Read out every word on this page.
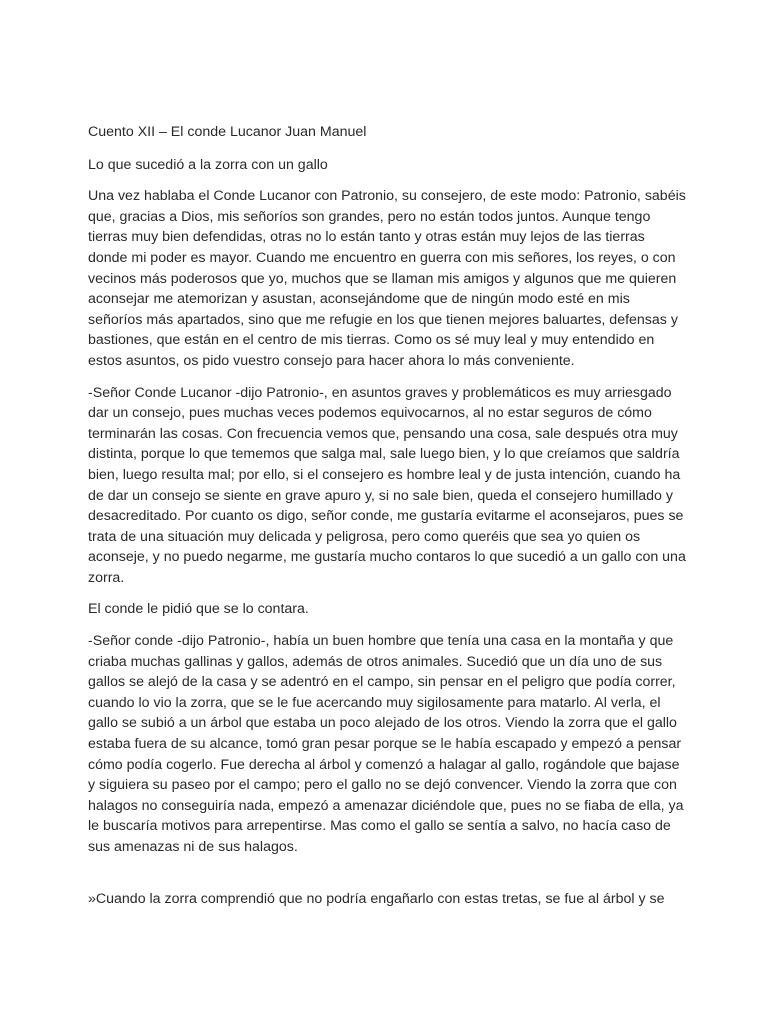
Cuento XII – El conde Lucanor Juan Manuel

Lo que sucedió a la zorra con un gallo

Una vez hablaba el Conde Lucanor con Patronio, su consejero, de este modo: Patronio, sabéis que, gracias a Dios, mis señoríos son grandes, pero no están todos juntos. Aunque tengo tierras muy bien defendidas, otras no lo están tanto y otras están muy lejos de las tierras donde mi poder es mayor. Cuando me encuentro en guerra con mis señores, los reyes, o con vecinos más poderosos que yo, muchos que se llaman mis amigos y algunos que me quieren aconsejar me atemorizan y asustan, aconsejándome que de ningún modo esté en mis señoríos más apartados, sino que me refugie en los que tienen mejores baluartes, defensas y bastiones, que están en el centro de mis tierras. Como os sé muy leal y muy entendido en estos asuntos, os pido vuestro consejo para hacer ahora lo más conveniente.

-Señor Conde Lucanor -dijo Patronio-, en asuntos graves y problemáticos es muy arriesgado dar un consejo, pues muchas veces podemos equivocarnos, al no estar seguros de cómo terminarán las cosas. Con frecuencia vemos que, pensando una cosa, sale después otra muy distinta, porque lo que tememos que salga mal, sale luego bien, y lo que creíamos que saldría bien, luego resulta mal; por ello, si el consejero es hombre leal y de justa intención, cuando ha de dar un consejo se siente en grave apuro y, si no sale bien, queda el consejero humillado y desacreditado. Por cuanto os digo, señor conde, me gustaría evitarme el aconsejaros, pues se trata de una situación muy delicada y peligrosa, pero como queréis que sea yo quien os aconseje, y no puedo negarme, me gustaría mucho contaros lo que sucedió a un gallo con una zorra.

El conde le pidió que se lo contara.

-Señor conde -dijo Patronio-, había un buen hombre que tenía una casa en la montaña y que criaba muchas gallinas y gallos, además de otros animales. Sucedió que un día uno de sus gallos se alejó de la casa y se adentró en el campo, sin pensar en el peligro que podía correr, cuando lo vio la zorra, que se le fue acercando muy sigilosamente para matarlo. Al verla, el gallo se subió a un árbol que estaba un poco alejado de los otros. Viendo la zorra que el gallo estaba fuera de su alcance, tomó gran pesar porque se le había escapado y empezó a pensar cómo podía cogerlo. Fue derecha al árbol y comenzó a halagar al gallo, rogándole que bajase y siguiera su paseo por el campo; pero el gallo no se dejó convencer. Viendo la zorra que con halagos no conseguiría nada, empezó a amenazar diciéndole que, pues no se fiaba de ella, ya le buscaría motivos para arrepentirse. Mas como el gallo se sentía a salvo, no hacía caso de sus amenazas ni de sus halagos.

»Cuando la zorra comprendió que no podría engañarlo con estas tretas, se fue al árbol y se
